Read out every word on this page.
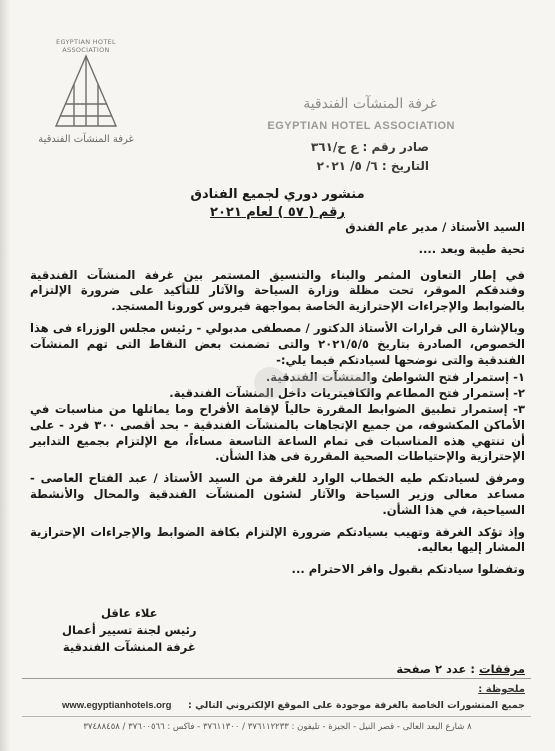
EGYPTIAN HOTEL ASSOCIATION
غرفة المنشآت الفندقية
غرفة المنشآت الفندقية
EGYPTIAN HOTEL ASSOCIATION
صادر رقم : ع ح/٣٦١
التاريخ : ٦/ ٥/ ٢٠٢١
منشور دوري لجميع الفنادق
رقم ( ٥٧ ) لعام ٢٠٢١

السيد الأستاذ / مدير عام الفندق

تحية طيبة وبعد ....

في إطار التعاون المثمر والبناء والتنسيق المستمر بين غرفة المنشآت الفندقية وفندقكم الموقر، تحت مظلة وزارة السياحة والآثار للتأكيد على ضرورة الإلتزام بالضوابط والإجراءات الإحترازية الخاصة بمواجهة فيروس كورونا المستجد.

وبالإشارة الى قرارات الأستاذ الدكتور / مصطفى مدبولي - رئيس مجلس الوزراء فى هذا الخصوص، الصادرة بتاريخ ٢٠٢١/٥/٥ والتى تضمنت بعض النقاط التى تهم المنشآت الفندقية والتى نوضحها لسيادتكم فيما يلي:-

١- إستمرار فتح الشواطئ والمنشآت الفندقية.

٢- إستمرار فتح المطاعم والكافيتريات داخل المنشآت الفندقية.

٣- إستمرار تطبيق الضوابط المقررة حالياً لإقامة الأفراح وما يماثلها من مناسبات في الأماكن المكشوفه، من جميع الإتجاهات بالمنشآت الفندقية - بحد أقصى ٣٠٠ فرد - على أن تنتهي هذه المناسبات فى تمام الساعة التاسعة مساءاً، مع الإلتزام بجميع التدابير الإحترازية والإحتياطات الصحية المقررة فى هذا الشأن.

ومرفق لسيادتكم طيه الخطاب الوارد للغرفة من السيد الأستاذ / عبد الفتاح العاصى - مساعد معالى وزير السياحة والآثار لشئون المنشآت الفندقية والمحال والأنشطة السياحية، في هذا الشأن.

وإذ تؤكد الغرفة وتهيب بسيادتكم ضرورة الإلتزام بكافة الضوابط والإجراءات الإحترازية المشار إليها بعاليه.

وتفضلوا سيادتكم بقبول وافر الاحترام ...

علاء عاقل
رئيس لجنة تسيير أعمال
غرفة المنشآت الفندقية
مرفقات : عدد ٢ صفحة
ملحوظة :
جميع المنشورات الخاصة بالغرفة موجودة على الموقع الإلكتروني التالي :
www.egyptianhotels.org
٨ شارع البعد العالى - قصر النيل - الجيزة - تليفون : ٣٧٦١١٢٢٣٣ / ٣٧٦١١٣٠٠ - فاكس : ٣٧٦٠٠٥٦٦ / ٣٧٤٨٨٤٥٨
